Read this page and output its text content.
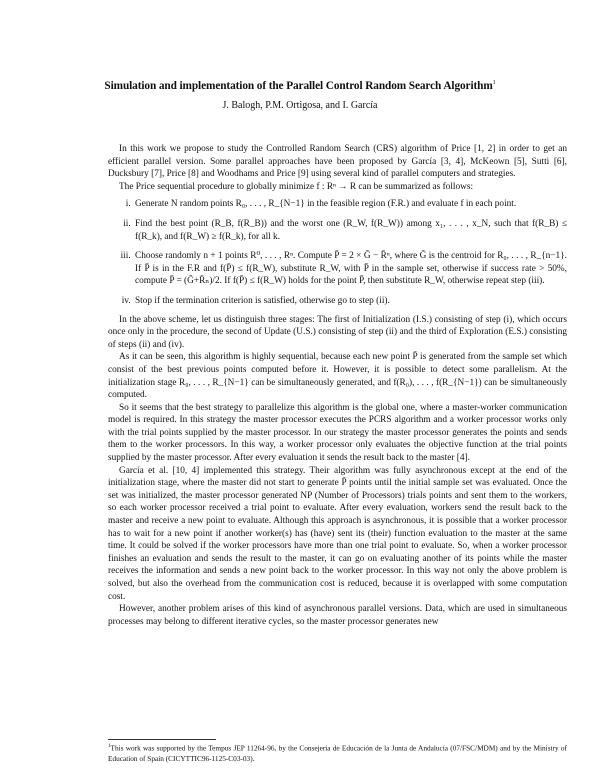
Simulation and implementation of the Parallel Control Random Search Algorithm$^1$
J. Balogh, P.M. Ortigosa, and I. García

In this work we propose to study the Controlled Random Search (CRS) algorithm of Price [1, 2] in order to get an efficient parallel version. Some parallel approaches have been proposed by García [3, 4], McKeown [5], Sutti [6], Ducksbury [7], Price [8] and Woodhams and Price [9] using several kind of parallel computers and strategies.

The Price sequential procedure to globally minimize f : Rⁿ → R can be summarized as follows:

i. Generate N random points R₀, . . . , R_{N−1} in the feasible region (F.R.) and evaluate f in each point.
ii. Find the best point (R_B, f(R_B)) and the worst one (R_W, f(R_W)) among x₁, . . . , x_N, such that f(R_B) ≤ f(R_k), and f(R_W) ≥ f(R_k), for all k.
iii. Choose randomly n + 1 points R⁰, . . . , Rⁿ. Compute P̄ = 2 × Ḡ − R̄ⁿ, where Ḡ is the centroid for R₀, . . . , R_{n−1}. If P̄ is in the F.R and f(P̄) ≤ f(R_W), substitute R_W, with P̄ in the sample set, otherwise if success rate > 50%, compute P̄ = (Ḡ+R̄ₙ)/2. If f(P̄) ≤ f(R_W) holds for the point P̄, then substitute R_W, otherwise repeat step (iii).
iv. Stop if the termination criterion is satisfied, otherwise go to step (ii).

In the above scheme, let us distinguish three stages: The first of Initialization (I.S.) consisting of step (i), which occurs once only in the procedure, the second of Update (U.S.) consisting of step (ii) and the third of Exploration (E.S.) consisting of steps (ii) and (iv).

As it can be seen, this algorithm is highly sequential, because each new point P̄ is generated from the sample set which consist of the best previous points computed before it. However, it is possible to detect some parallelism. At the initialization stage R₀, . . . , R_{N−1} can be simultaneously generated, and f(R₀), . . . , f(R_{N−1}) can be simultaneously computed.

So it seems that the best strategy to parallelize this algorithm is the global one, where a master-worker communication model is required. In this strategy the master processor executes the PCRS algorithm and a worker processor works only with the trial points supplied by the master processor. In our strategy the master processor generates the points and sends them to the worker processors. In this way, a worker processor only evaluates the objective function at the trial points supplied by the master processor. After every evaluation it sends the result back to the master [4].

García et al. [10, 4] implemented this strategy. Their algorithm was fully asynchronous except at the end of the initialization stage, where the master did not start to generate P̄ points until the initial sample set was evaluated. Once the set was initialized, the master processor generated NP (Number of Processors) trials points and sent them to the workers, so each worker processor received a trial point to evaluate. After every evaluation, workers send the result back to the master and receive a new point to evaluate. Although this approach is asynchronous, it is possible that a worker processor has to wait for a new point if another worker(s) has (have) sent its (their) function evaluation to the master at the same time. It could be solved if the worker processors have more than one trial point to evaluate. So, when a worker processor finishes an evaluation and sends the result to the master, it can go on evaluating another of its points while the master receives the information and sends a new point back to the worker processor. In this way not only the above problem is solved, but also the overhead from the communication cost is reduced, because it is overlapped with some computation cost.

However, another problem arises of this kind of asynchronous parallel versions. Data, which are used in simultaneous processes may belong to different iterative cycles, so the master processor generates new

$^1$This work was supported by the Tempus JEP 11264-96, by the Consejería de Educación de la Junta de Andalucía (07/FSC/MDM) and by the Ministry of Education of Spain (CICYTTIC96-1125-C03-03).
